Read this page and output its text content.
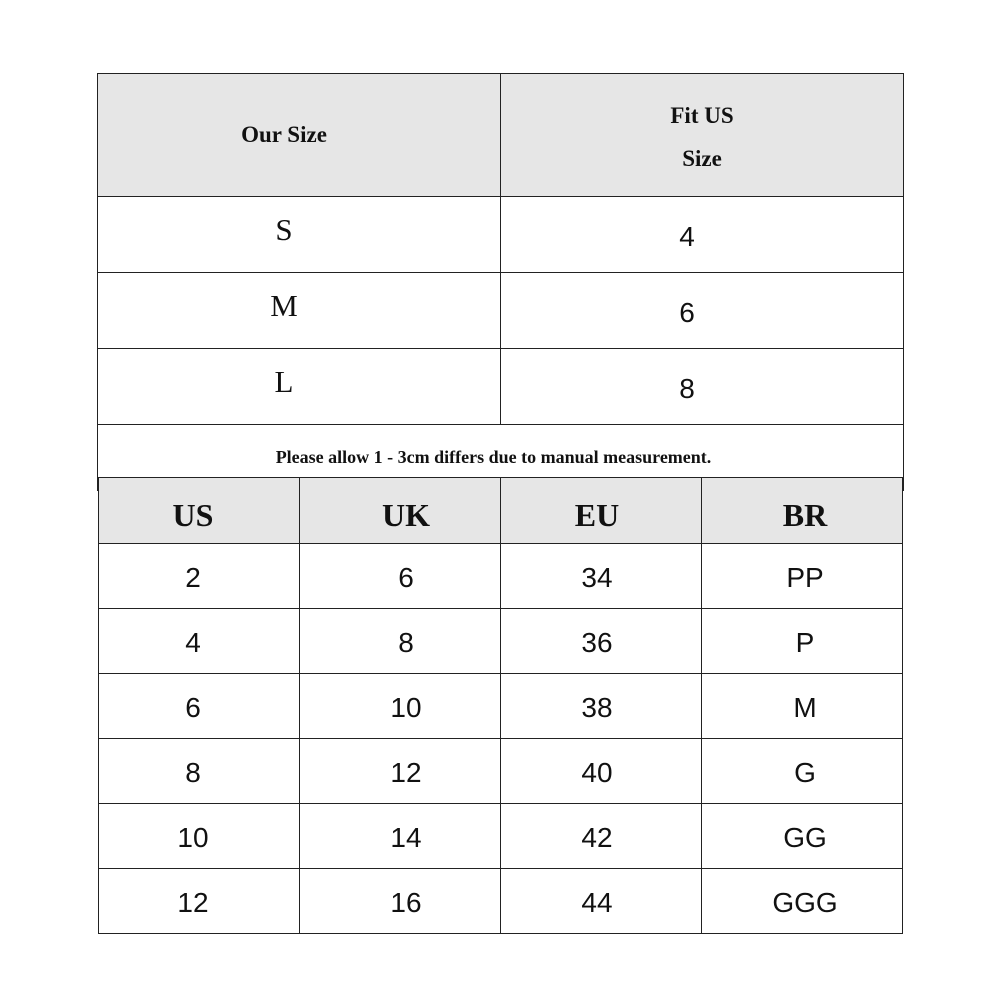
Our Size	Fit US
Size

S	4
M	6
L	8
Please allow 1 - 3cm differs due to manual measurement.	
US	UK	EU	BR
2	6	34	PP
4	8	36	P
6	10	38	M
8	12	40	G
10	14	42	GG
12	16	44	GGG
